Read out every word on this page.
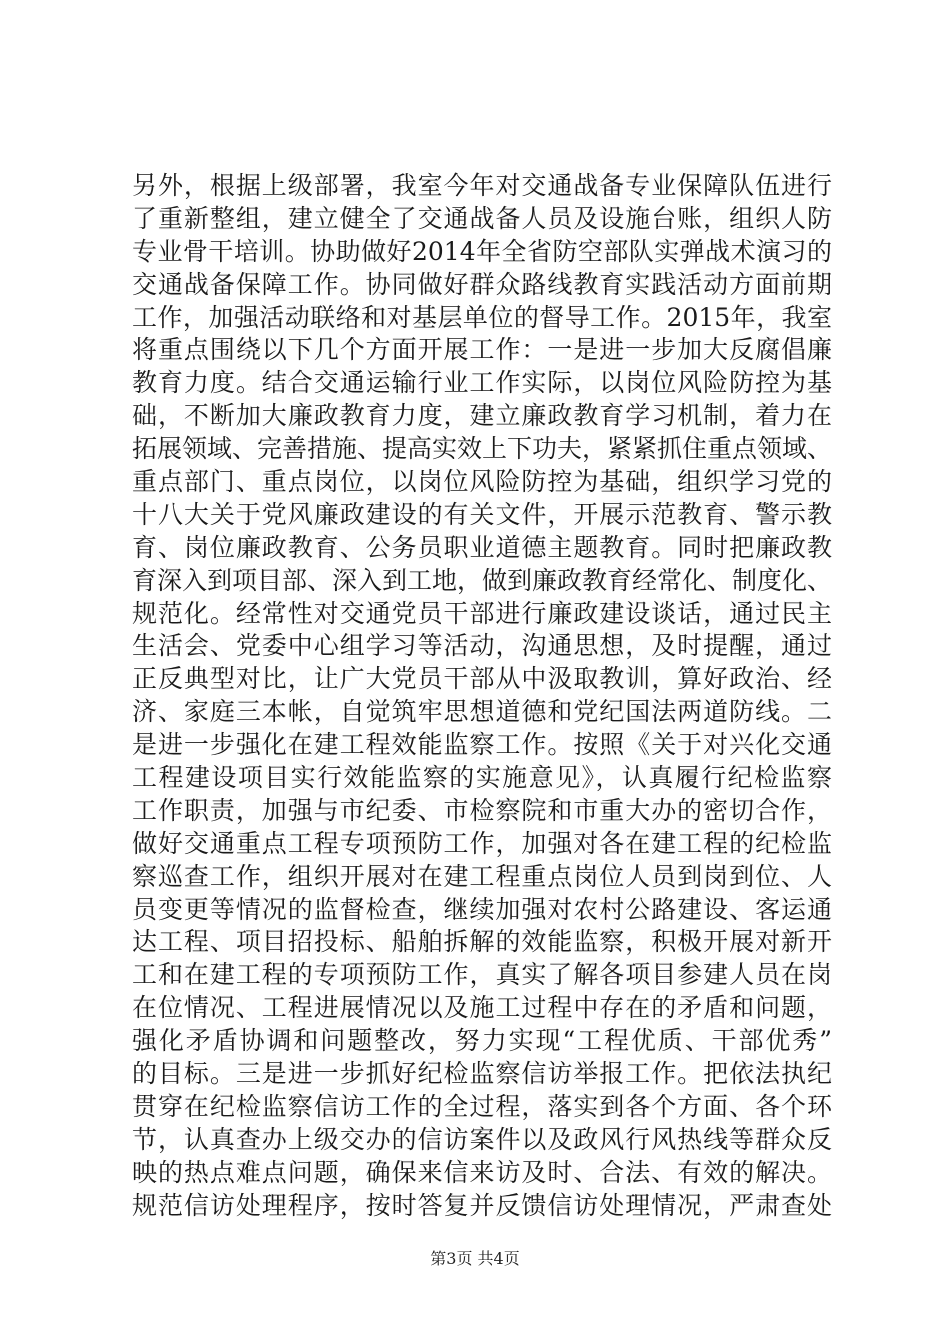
另外，根据上级部署，我室今年对交通战备专业保障队伍进行
了重新整组，建立健全了交通战备人员及设施台账，组织人防
专业骨干培训。协助做好2014年全省防空部队实弹战术演习的
交通战备保障工作。协同做好群众路线教育实践活动方面前期
工作，加强活动联络和对基层单位的督导工作。2015年，我室
将重点围绕以下几个方面开展工作：一是进一步加大反腐倡廉
教育力度。结合交通运输行业工作实际，以岗位风险防控为基
础，不断加大廉政教育力度，建立廉政教育学习机制，着力在
拓展领域、完善措施、提高实效上下功夫，紧紧抓住重点领域、
重点部门、重点岗位，以岗位风险防控为基础，组织学习党的
十八大关于党风廉政建设的有关文件，开展示范教育、警示教
育、岗位廉政教育、公务员职业道德主题教育。同时把廉政教
育深入到项目部、深入到工地，做到廉政教育经常化、制度化、
规范化。经常性对交通党员干部进行廉政建设谈话，通过民主
生活会、党委中心组学习等活动，沟通思想，及时提醒，通过
正反典型对比，让广大党员干部从中汲取教训，算好政治、经
济、家庭三本帐，自觉筑牢思想道德和党纪国法两道防线。二
是进一步强化在建工程效能监察工作。按照《关于对兴化交通
工程建设项目实行效能监察的实施意见》，认真履行纪检监察
工作职责，加强与市纪委、市检察院和市重大办的密切合作，
做好交通重点工程专项预防工作，加强对各在建工程的纪检监
察巡查工作，组织开展对在建工程重点岗位人员到岗到位、人
员变更等情况的监督检查，继续加强对农村公路建设、客运通
达工程、项目招投标、船舶拆解的效能监察，积极开展对新开
工和在建工程的专项预防工作，真实了解各项目参建人员在岗
在位情况、工程进展情况以及施工过程中存在的矛盾和问题，
强化矛盾协调和问题整改，努力实现“工程优质、干部优秀”
的目标。三是进一步抓好纪检监察信访举报工作。把依法执纪
贯穿在纪检监察信访工作的全过程，落实到各个方面、各个环
节，认真查办上级交办的信访案件以及政风行风热线等群众反
映的热点难点问题，确保来信来访及时、合法、有效的解决。
规范信访处理程序，按时答复并反馈信访处理情况，严肃查处
第3页 共4页
